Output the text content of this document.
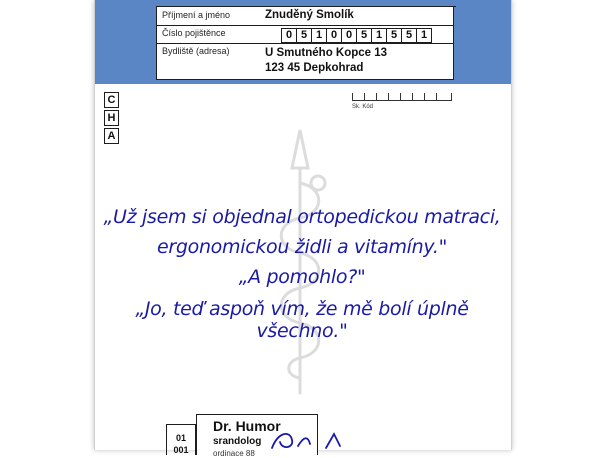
Příjmení a jméno	Znuděný Smolík
Číslo pojištěnce	0 5 1 0 0 5 1 5 5 1
Bydliště (adresa)	U Smutného Kopce 13
123 45 Depkohrad
Sk. Kód
C
H
A
„Už jsem si objednal ortopedickou matraci,
ergonomickou židli a vitamíny."
„A pomohlo?"
„Jo, teď aspoň vím, že mě bolí úplně všechno."
01
001
Dr. Humor
srandolog
ordinace 88
